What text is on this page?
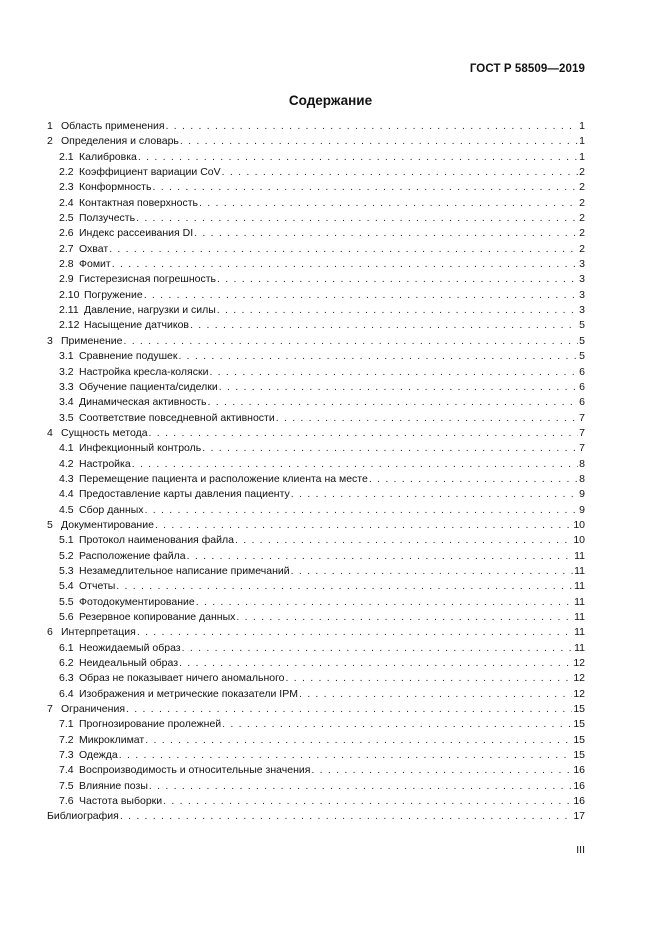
ГОСТ Р 58509—2019
Содержание
1 Область применения . . .	1
2 Определения и словарь . . .	1
2.1 Калибровка . . .	1
2.2 Коэффициент вариации CoV . . .	2
2.3 Конформность . . .	2
2.4 Контактная поверхность . . .	2
2.5 Ползучесть . . .	2
2.6 Индекс рассеивания DI . . .	2
2.7 Охват . . .	2
2.8 Фомит . . .	3
2.9 Гистерезисная погрешность . . .	3
2.10 Погружение . . .	3
2.11 Давление, нагрузки и силы . . .	3
2.12 Насыщение датчиков . . .	5
3 Применение . . .	5
3.1 Сравнение подушек . . .	5
3.2 Настройка кресла-коляски . . .	6
3.3 Обучение пациента/сиделки . . .	6
3.4 Динамическая активность . . .	6
3.5 Соответствие повседневной активности . . .	7
4 Сущность метода . . .	7
4.1 Инфекционный контроль . . .	7
4.2 Настройка . . .	8
4.3 Перемещение пациента и расположение клиента на месте . . .	8
4.4 Предоставление карты давления пациенту . . .	9
4.5 Сбор данных . . .	9
5 Документирование . . .	10
5.1 Протокол наименования файла . . .	10
5.2 Расположение файла . . .	11
5.3 Незамедлительное написание примечаний . . .	11
5.4 Отчеты . . .	11
5.5 Фотодокументирование . . .	11
5.6 Резервное копирование данных . . .	11
6 Интерпретация . . .	11
6.1 Неожидаемый образ . . .	11
6.2 Неидеальный образ . . .	12
6.3 Образ не показывает ничего аномального . . .	12
6.4 Изображения и метрические показатели IPM . . .	12
7 Ограничения . . .	15
7.1 Прогнозирование пролежней . . .	15
7.2 Микроклимат . . .	15
7.3 Одежда . . .	15
7.4 Воспроизводимость и относительные значения . . .	16
7.5 Влияние позы . . .	16
7.6 Частота выборки . . .	16
Библиография . . .	17
III
